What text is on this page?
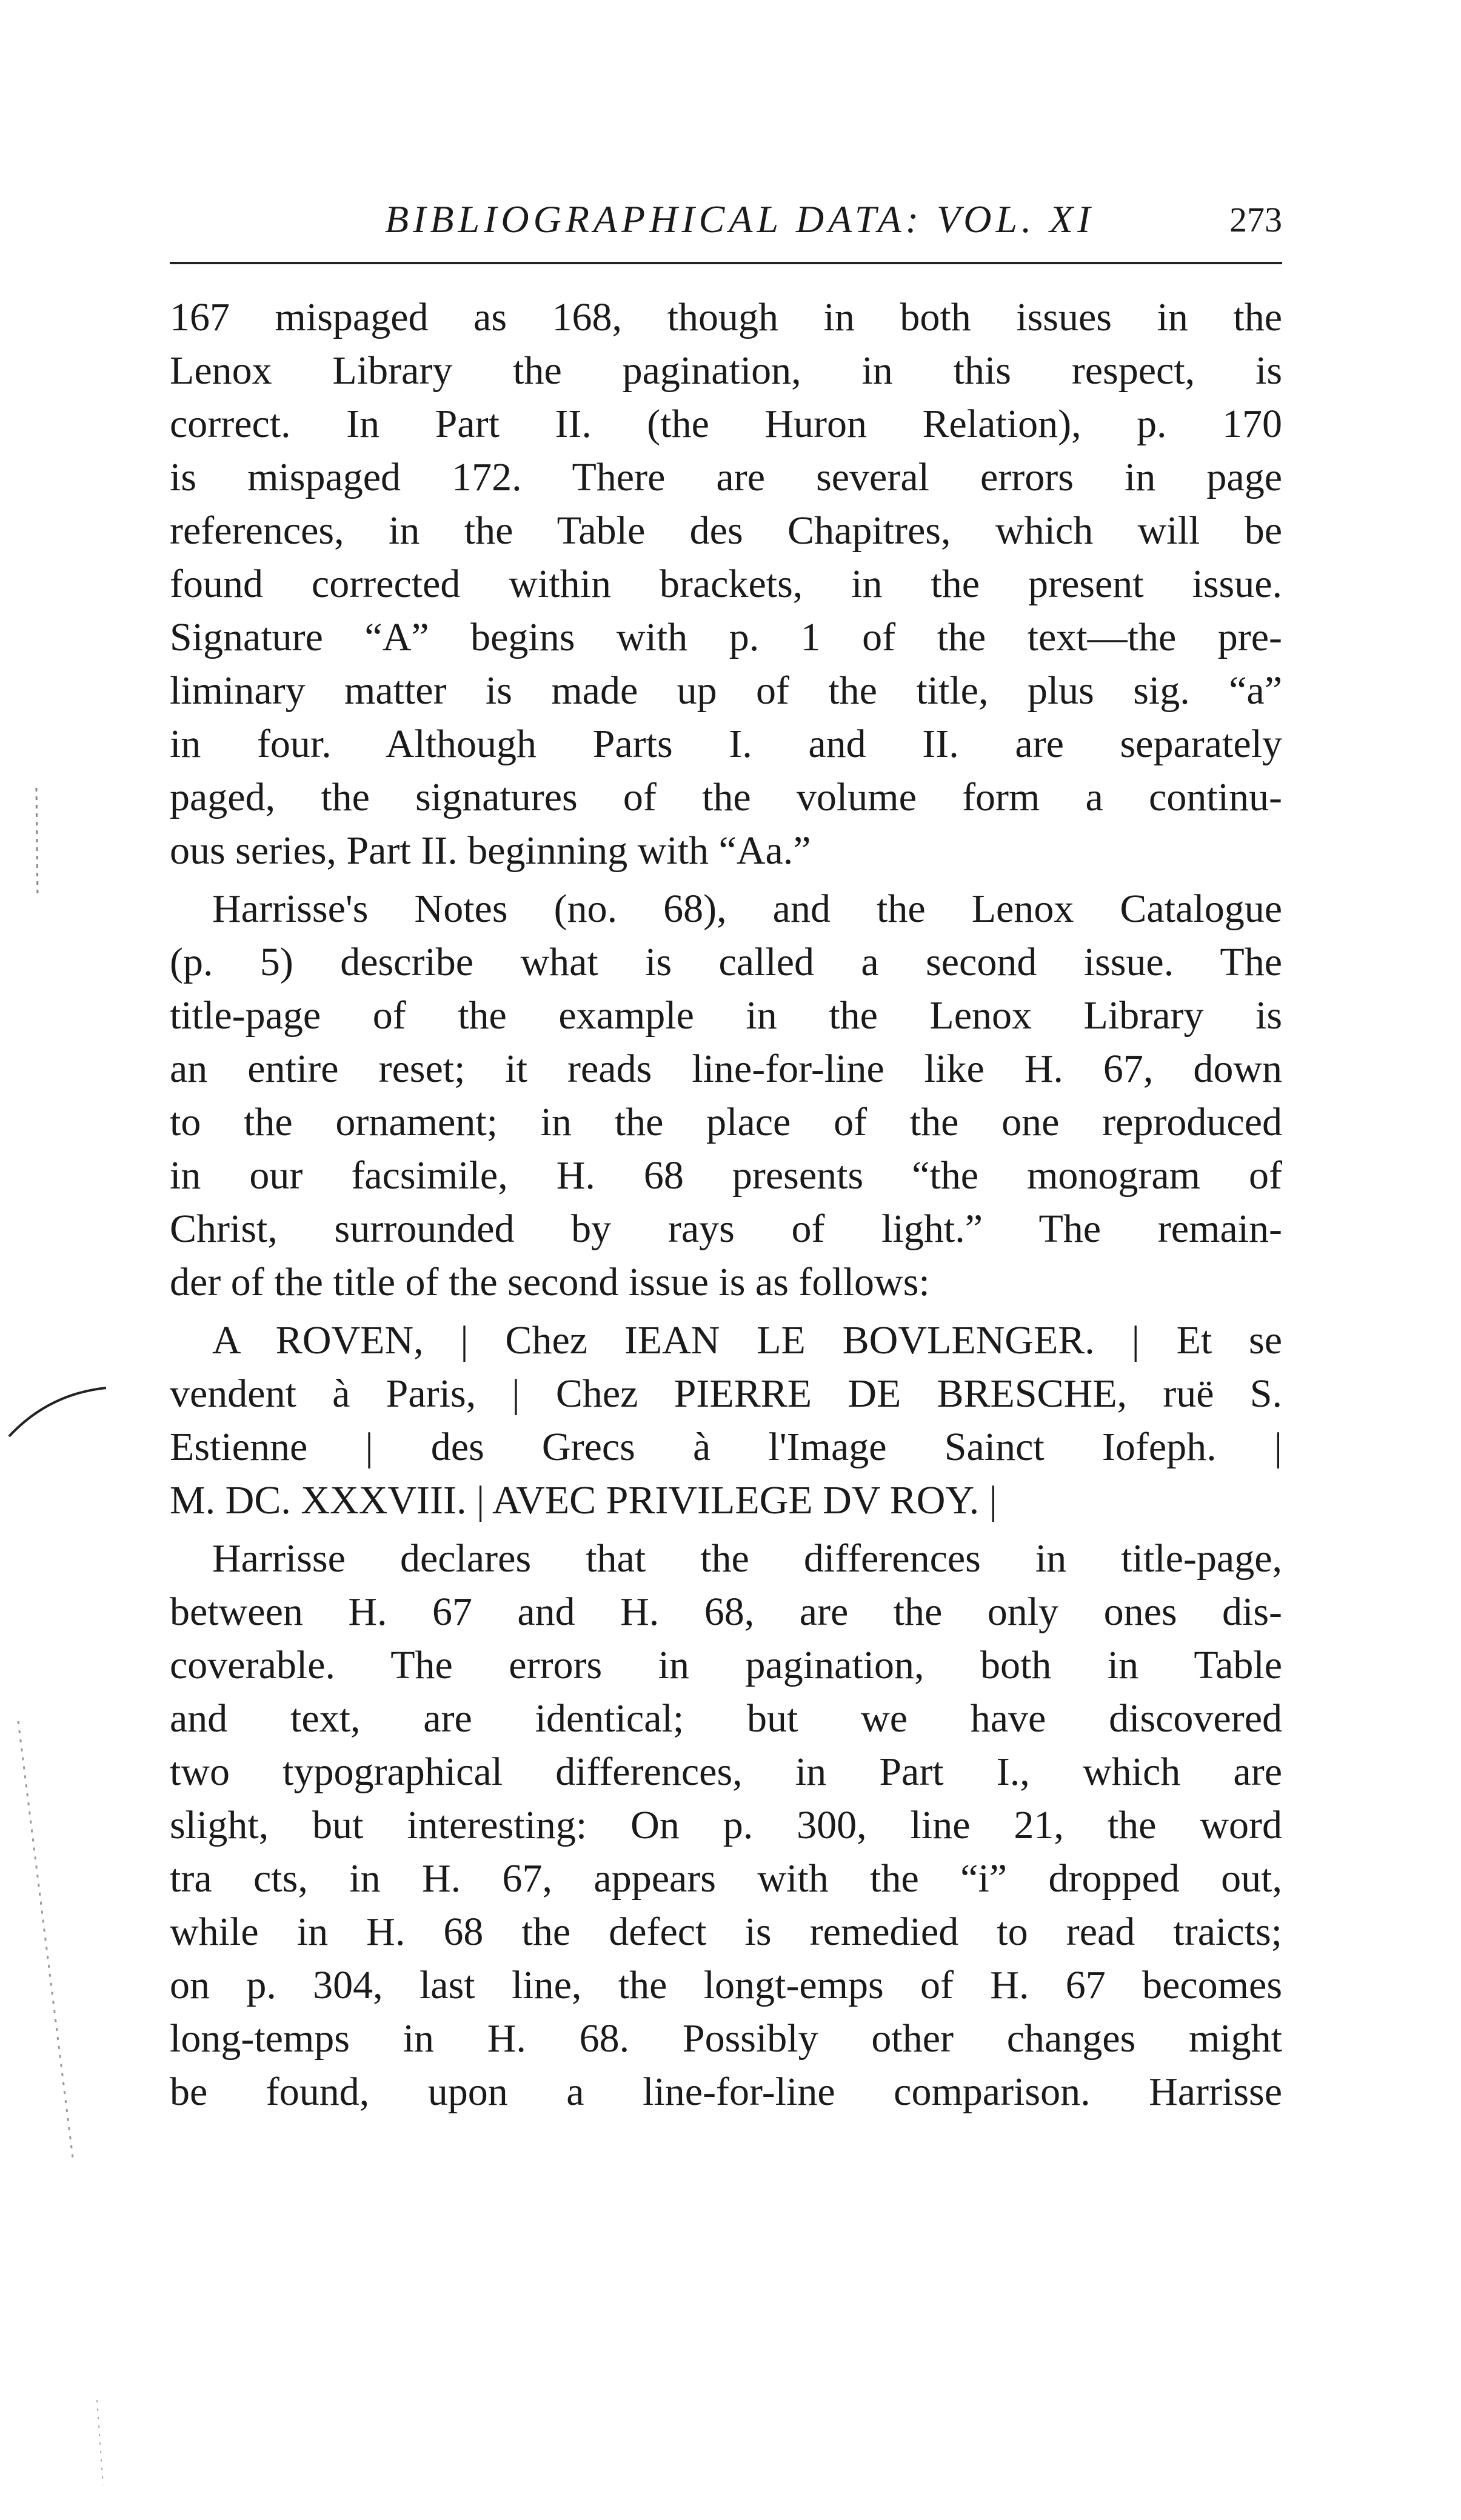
BIBLIOGRAPHICAL DATA: VOL. XI	273
167 mispaged as 168, though in both issues in the
Lenox Library the pagination, in this respect, is
correct. In Part II. (the Huron Relation), p. 170
is mispaged 172. There are several errors in page
references, in the Table des Chapitres, which will be
found corrected within brackets, in the present issue.
Signature “A” begins with p. 1 of the text—the pre-
liminary matter is made up of the title, plus sig. “a”
in four. Although Parts I. and II. are separately
paged, the signatures of the volume form a continu-
ous series, Part II. beginning with “Aa.”
Harrisse's Notes (no. 68), and the Lenox Catalogue
(p. 5) describe what is called a second issue. The
title-page of the example in the Lenox Library is
an entire reset; it reads line-for-line like H. 67, down
to the ornament; in the place of the one reproduced
in our facsimile, H. 68 presents “the monogram of
Christ, surrounded by rays of light.” The remain-
der of the title of the second issue is as follows:
A ROVEN, | Chez IEAN LE BOVLENGER. | Et se
vendent à Paris, | Chez PIERRE DE BRESCHE, ruë S.
Estienne | des Grecs à l'Image Sainct Iofeph. |
M. DC. XXXVIII. | AVEC PRIVILEGE DV ROY. |
Harrisse declares that the differences in title-page,
between H. 67 and H. 68, are the only ones dis-
coverable. The errors in pagination, both in Table
and text, are identical; but we have discovered
two typographical differences, in Part I., which are
slight, but interesting: On p. 300, line 21, the word
tra cts, in H. 67, appears with the “i” dropped out,
while in H. 68 the defect is remedied to read traicts;
on p. 304, last line, the longt-emps of H. 67 becomes
long-temps in H. 68. Possibly other changes might
be found, upon a line-for-line comparison. Harrisse
